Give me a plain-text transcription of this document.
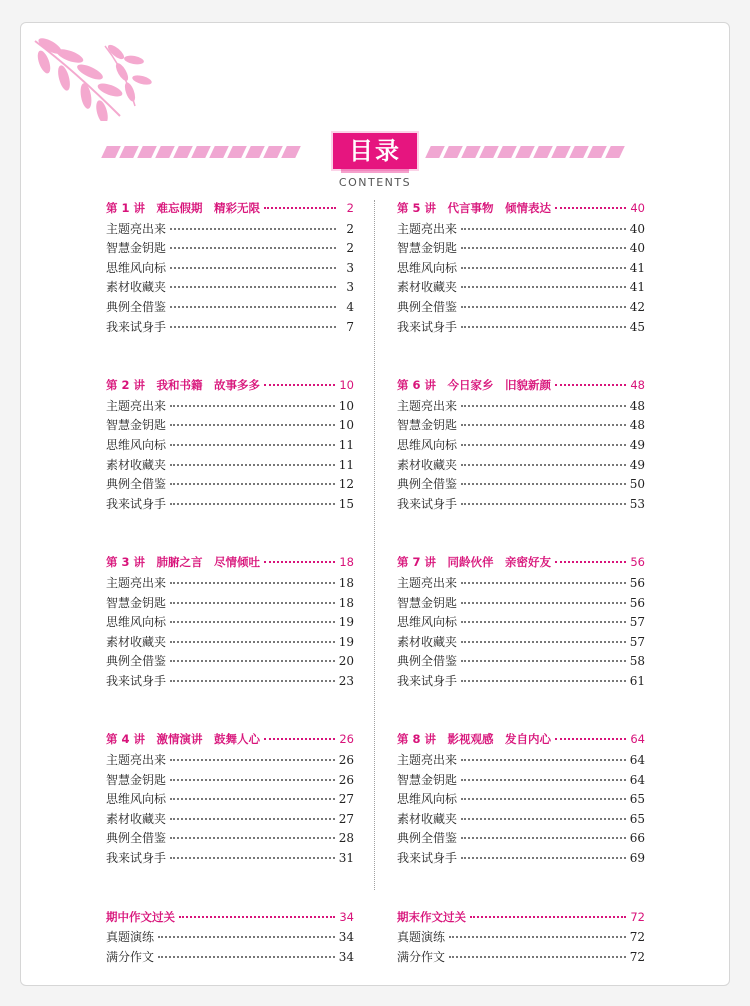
目录
CONTENTS
第 1 讲　难忘假期　精彩无限	2
主题亮出来	2
智慧金钥匙	2
思维风向标	3
素材收藏夹	3
典例全借鉴	4
我来试身手	7
第 2 讲　我和书籍　故事多多	10
主题亮出来	10
智慧金钥匙	10
思维风向标	11
素材收藏夹	11
典例全借鉴	12
我来试身手	15
第 3 讲　肺腑之言　尽情倾吐	18
主题亮出来	18
智慧金钥匙	18
思维风向标	19
素材收藏夹	19
典例全借鉴	20
我来试身手	23
第 4 讲　激情演讲　鼓舞人心	26
主题亮出来	26
智慧金钥匙	26
思维风向标	27
素材收藏夹	27
典例全借鉴	28
我来试身手	31
期中作文过关	34
真题演练	34
满分作文	34
第 5 讲　代言事物　倾情表达	40
主题亮出来	40
智慧金钥匙	40
思维风向标	41
素材收藏夹	41
典例全借鉴	42
我来试身手	45
第 6 讲　今日家乡　旧貌新颜	48
主题亮出来	48
智慧金钥匙	48
思维风向标	49
素材收藏夹	49
典例全借鉴	50
我来试身手	53
第 7 讲　同龄伙伴　亲密好友	56
主题亮出来	56
智慧金钥匙	56
思维风向标	57
素材收藏夹	57
典例全借鉴	58
我来试身手	61
第 8 讲　影视观感　发自内心	64
主题亮出来	64
智慧金钥匙	64
思维风向标	65
素材收藏夹	65
典例全借鉴	66
我来试身手	69
期末作文过关	72
真题演练	72
满分作文	72
